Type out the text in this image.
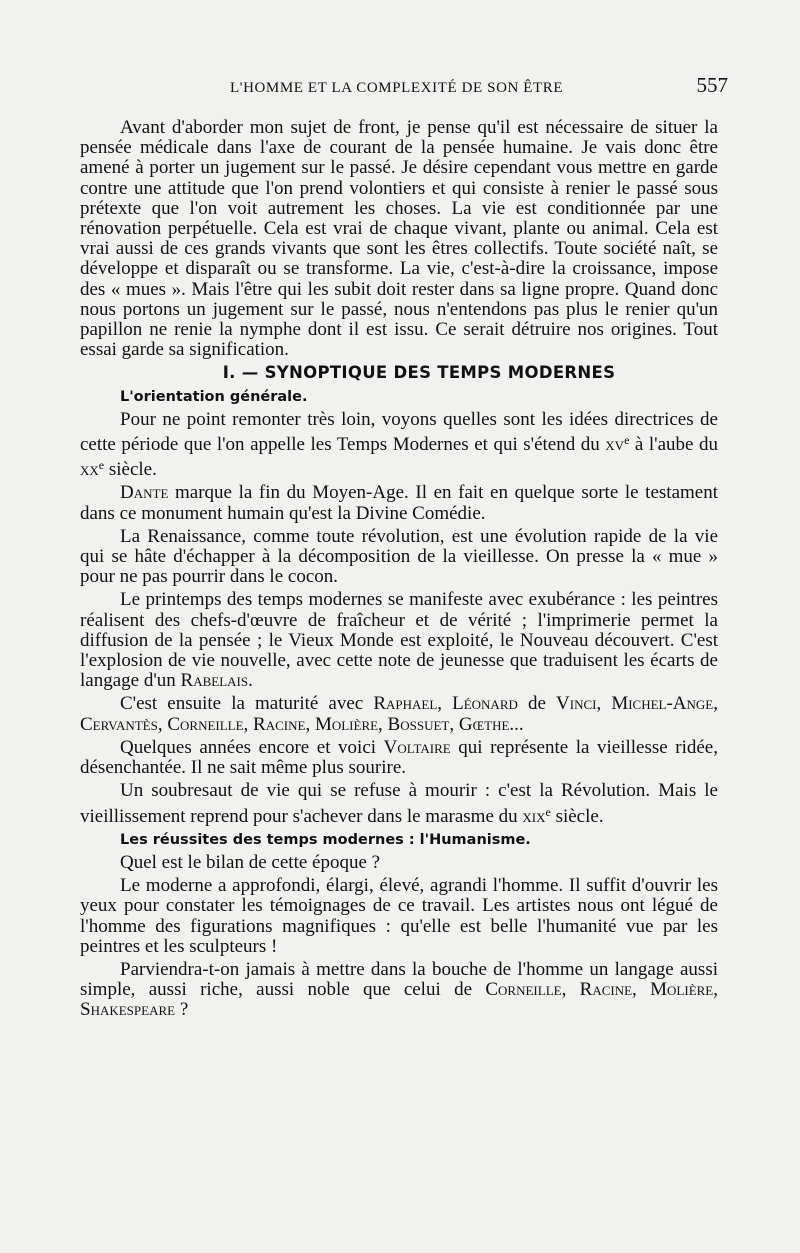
L'HOMME ET LA COMPLEXITÉ DE SON ÊTRE	557

Avant d'aborder mon sujet de front, je pense qu'il est nécessaire de situer la pensée médicale dans l'axe de courant de la pensée humaine. Je vais donc être amené à porter un jugement sur le passé. Je désire cependant vous mettre en garde contre une attitude que l'on prend volontiers et qui consiste à renier le passé sous prétexte que l'on voit autrement les choses. La vie est conditionnée par une rénovation perpétuelle. Cela est vrai de chaque vivant, plante ou animal. Cela est vrai aussi de ces grands vivants que sont les êtres collectifs. Toute société naît, se développe et disparaît ou se transforme. La vie, c'est-à-dire la croissance, impose des « mues ». Mais l'être qui les subit doit rester dans sa ligne propre. Quand donc nous portons un jugement sur le passé, nous n'entendons pas plus le renier qu'un papillon ne renie la nymphe dont il est issu. Ce serait détruire nos origines. Tout essai garde sa signification.

I. — SYNOPTIQUE DES TEMPS MODERNES

L'orientation générale.

Pour ne point remonter très loin, voyons quelles sont les idées directrices de cette période que l'on appelle les Temps Modernes et qui s'étend du $xv^e$ à l'aube du $xx^e$ siècle.

Dante marque la fin du Moyen-Age. Il en fait en quelque sorte le testament dans ce monument humain qu'est la Divine Comédie.

La Renaissance, comme toute révolution, est une évolution rapide de la vie qui se hâte d'échapper à la décomposition de la vieillesse. On presse la « mue » pour ne pas pourrir dans le cocon.

Le printemps des temps modernes se manifeste avec exubérance : les peintres réalisent des chefs-d'œuvre de fraîcheur et de vérité ; l'imprimerie permet la diffusion de la pensée ; le Vieux Monde est exploité, le Nouveau découvert. C'est l'explosion de vie nouvelle, avec cette note de jeunesse que traduisent les écarts de langage d'un Rabelais.

C'est ensuite la maturité avec Raphael, Léonard de Vinci, Michel-Ange, Cervantès, Corneille, Racine, Molière, Bossuet, Gœthe...

Quelques années encore et voici Voltaire qui représente la vieillesse ridée, désenchantée. Il ne sait même plus sourire.

Un soubresaut de vie qui se refuse à mourir : c'est la Révolution. Mais le vieillissement reprend pour s'achever dans le marasme du xix$^e$ siècle.

Les réussites des temps modernes : l'Humanisme.

Quel est le bilan de cette époque ?

Le moderne a approfondi, élargi, élevé, agrandi l'homme. Il suffit d'ouvrir les yeux pour constater les témoignages de ce travail. Les artistes nous ont légué de l'homme des figurations magnifiques : qu'elle est belle l'humanité vue par les peintres et les sculpteurs !

Parviendra-t-on jamais à mettre dans la bouche de l'homme un langage aussi simple, aussi riche, aussi noble que celui de Corneille, Racine, Molière, Shakespeare ?
